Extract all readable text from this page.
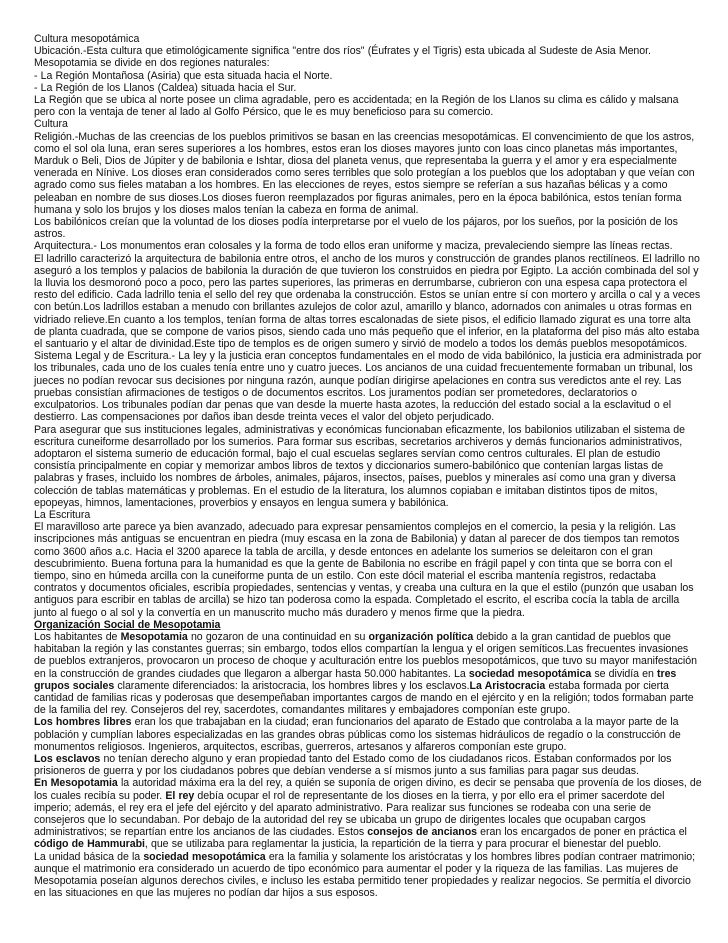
Cultura mesopotámica

Ubicación.-Esta cultura que etimológicamente significa "entre dos ríos" (Éufrates y el Tigris) esta ubicada al Sudeste de Asia Menor.

Mesopotamia se divide en dos regiones naturales:

- La Región Montañosa (Asiria) que esta situada hacia el Norte.

- La Región de los Llanos (Caldea) situada hacia el Sur.

La Región que se ubica al norte posee un clima agradable, pero es accidentada; en la Región de los Llanos su clima es cálido y malsana pero con la ventaja de tener al lado al Golfo Pérsico, que le es muy beneficioso para su comercio.

Cultura

Religión.-Muchas de las creencias de los pueblos primitivos se basan en las creencias mesopotámicas. El convencimiento de que los astros, como el sol ola luna, eran seres superiores a los hombres, estos eran los dioses mayores junto con loas cinco planetas más importantes, Marduk o Beli, Dios de Júpiter y de babilonia e Ishtar, diosa del planeta venus, que representaba la guerra y el amor y era especialmente venerada en Nínive. Los dioses eran considerados como seres terribles que solo protegían a los pueblos que los adoptaban y que veían con agrado como sus fieles mataban a los hombres. En las elecciones de reyes, estos siempre se referían a sus hazañas bélicas y a como peleaban en nombre de sus dioses.Los dioses fueron reemplazados por figuras animales, pero en la época babilónica, estos tenían forma humana y solo los brujos y los dioses malos tenían la cabeza en forma de animal.

Los babilónicos creían que la voluntad de los dioses podía interpretarse por el vuelo de los pájaros, por los sueños, por la posición de los astros.

Arquitectura.- Los monumentos eran colosales y la forma de todo ellos eran uniforme y maciza, prevaleciendo siempre las líneas rectas.

El ladrillo caracterizó la arquitectura de babilonia entre otros, el ancho de los muros y construcción de grandes planos rectilíneos. El ladrillo no aseguró a los templos y palacios de babilonia la duración de que tuvieron los construidos en piedra por Egipto. La acción combinada del sol y la lluvia los desmoronó poco a poco, pero las partes superiores, las primeras en derrumbarse, cubrieron con una espesa capa protectora el resto del edificio. Cada ladrillo tenia el sello del rey que ordenaba la construcción. Estos se unían entre sí con mortero y arcilla o cal y a veces con betún.Los ladrillos estaban a menudo con brillantes azulejos de color azul, amarillo y blanco, adornados con animales u otras formas en vidriado relieve.En cuanto a los templos, tenían forma de altas torres escalonadas de siete pisos, el edificio llamado zigurat es una torre alta de planta cuadrada, que se compone de varios pisos, siendo cada uno más pequeño que el inferior, en la plataforma del piso más alto estaba el santuario y el altar de divinidad.Este tipo de templos es de origen sumero y sirvió de modelo a todos los demás pueblos mesopotámicos.

Sistema Legal y de Escritura.- La ley y la justicia eran conceptos fundamentales en el modo de vida babilónico, la justicia era administrada por los tribunales, cada uno de los cuales tenía entre uno y cuatro jueces. Los ancianos de una cuidad frecuentemente formaban un tribunal, los jueces no podían revocar sus decisiones por ninguna razón, aunque podían dirigirse apelaciones en contra sus veredictos ante el rey. Las pruebas consistían afirmaciones de testigos o de documentos escritos. Los juramentos podían ser prometedores, declaratorios o exculpatorios. Los tribunales podían dar penas que van desde la muerte hasta azotes, la reducción del estado social a la esclavitud o el destierro. Las compensaciones por daños iban desde treinta veces el valor del objeto perjudicado.

Para asegurar que sus instituciones legales, administrativas y económicas funcionaban eficazmente, los babilonios utilizaban el sistema de escritura cuneiforme desarrollado por los sumerios. Para formar sus escribas, secretarios archiveros y demás funcionarios administrativos, adoptaron el sistema sumerio de educación formal, bajo el cual escuelas seglares servían como centros culturales. El plan de estudio consistía principalmente en copiar y memorizar ambos libros de textos y diccionarios sumero-babilónico que contenían largas listas de palabras y frases, incluido los nombres de árboles, animales, pájaros, insectos, países, pueblos y minerales así como una gran y diversa colección de tablas matemáticas y problemas. En el estudio de la literatura, los alumnos copiaban e imitaban distintos tipos de mitos, epopeyas, himnos, lamentaciones, proverbios y ensayos en lengua sumera y babilónica.

La Escritura

El maravilloso arte parece ya bien avanzado, adecuado para expresar pensamientos complejos en el comercio, la pesia y la religión. Las inscripciones más antiguas se encuentran en piedra (muy escasa en la zona de Babilonia) y datan al parecer de dos tiempos tan remotos como 3600 años a.c. Hacia el 3200 aparece la tabla de arcilla, y desde entonces en adelante los sumerios se deleitaron con el gran descubrimiento. Buena fortuna para la humanidad es que la gente de Babilonia no escribe en frágil papel y con tinta que se borra con el tiempo, sino en húmeda arcilla con la cuneiforme punta de un estilo. Con este dócil material el escriba mantenía registros, redactaba contratos y documentos oficiales, escribía propiedades, sentencias y ventas, y creaba una cultura en la que el estilo (punzón que usaban los antiguos para escribir en tablas de arcilla) se hizo tan poderosa como la espada. Completado el escrito, el escriba cocía la tabla de arcilla junto al fuego o al sol y la convertía en un manuscrito mucho más duradero y menos firme que la piedra.

Organización Social de Mesopotamia

Los habitantes de Mesopotamia no gozaron de una continuidad en su organización política debido a la gran cantidad de pueblos que habitaban la región y las constantes guerras; sin embargo, todos ellos compartían la lengua y el origen semíticos.Las frecuentes invasiones de pueblos extranjeros, provocaron un proceso de choque y aculturación entre los pueblos mesopotámicos, que tuvo su mayor manifestación en la construcción de grandes ciudades que llegaron a albergar hasta 50.000 habitantes. La sociedad mesopotámica se dividía en tres grupos sociales claramente diferenciados: la aristocracia, los hombres libres y los esclavos.La Aristocracia estaba formada por cierta cantidad de familias ricas y poderosas que desempeñaban importantes cargos de mando en el ejército y en la religión; todos formaban parte de la familia del rey. Consejeros del rey, sacerdotes, comandantes militares y embajadores componían este grupo.

Los hombres libres eran los que trabajaban en la ciudad; eran funcionarios del aparato de Estado que controlaba a la mayor parte de la población y cumplían labores especializadas en las grandes obras públicas como los sistemas hidráulicos de regadío o la construcción de monumentos religiosos. Ingenieros, arquitectos, escribas, guerreros, artesanos y alfareros componían este grupo.

Los esclavos no tenían derecho alguno y eran propiedad tanto del Estado como de los ciudadanos ricos. Estaban conformados por los prisioneros de guerra y por los ciudadanos pobres que debían venderse a sí mismos junto a sus familias para pagar sus deudas.

En Mesopotamia la autoridad máxima era la del rey, a quién se suponía de origen divino, es decir se pensaba que provenía de los dioses, de los cuales recibía su poder. El rey debía ocupar el rol de representante de los dioses en la tierra, y por ello era el primer sacerdote del imperio; además, el rey era el jefe del ejército y del aparato administrativo. Para realizar sus funciones se rodeaba con una serie de consejeros que lo secundaban. Por debajo de la autoridad del rey se ubicaba un grupo de dirigentes locales que ocupaban cargos administrativos; se repartían entre los ancianos de las ciudades. Estos consejos de ancianos eran los encargados de poner en práctica el código de Hammurabi, que se utilizaba para reglamentar la justicia, la repartición de la tierra y para procurar el bienestar del pueblo.

La unidad básica de la sociedad mesopotámica era la familia y solamente los aristócratas y los hombres libres podían contraer matrimonio; aunque el matrimonio era considerado un acuerdo de tipo económico para aumentar el poder y la riqueza de las familias. Las mujeres de Mesopotamia poseían algunos derechos civiles, e incluso les estaba permitido tener propiedades y realizar negocios. Se permitía el divorcio en las situaciones en que las mujeres no podían dar hijos a sus esposos.
